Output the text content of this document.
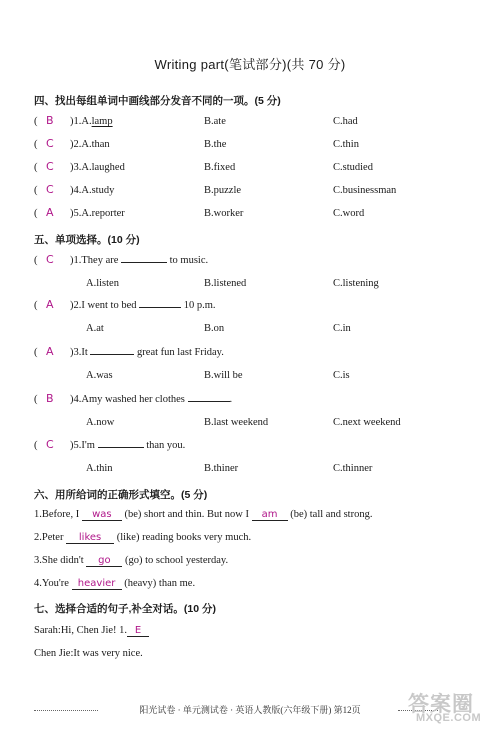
Writing part(笔试部分)(共 70 分)
四、找出每组单词中画线部分发音不同的一项。(5 分)
( B )1.A.lamp	B.ate	C.had
( C )2.A.than	B.the	C.thin
( C )3.A.laughed	B.fixed	C.studied
( C )4.A.study	B.puzzle	C.businessman
( A )5.A.reporter	B.worker	C.word
五、单项选择。(10 分)
( C )1.They are	to music.
A.listen	B.listened	C.listening
( A )2.I went to bed	10 p.m.
A.at	B.on	C.in
( A )3.It	great fun last Friday.
A.was	B.will be	C.is
( B )4.Amy washed her clothes	.
A.now	B.last weekend	C.next weekend
( C )5.I'm	than you.
A.thin	B.thiner	C.thinner
六、用所给词的正确形式填空。(5 分)
1.Before, I was (be) short and thin. But now I am (be) tall and strong.
2.Peter likes (like) reading books very much.
3.She didn't go (go) to school yesterday.
4.You're heavier (heavy) than me.
七、选择合适的句子,补全对话。(10 分)
Sarah:Hi, Chen Jie! 1. E
Chen Jie:It was very nice.
阳光试卷 · 单元测试卷 · 英语人教版(六年级下册) 第12页	答案圈
MXQE.COM
